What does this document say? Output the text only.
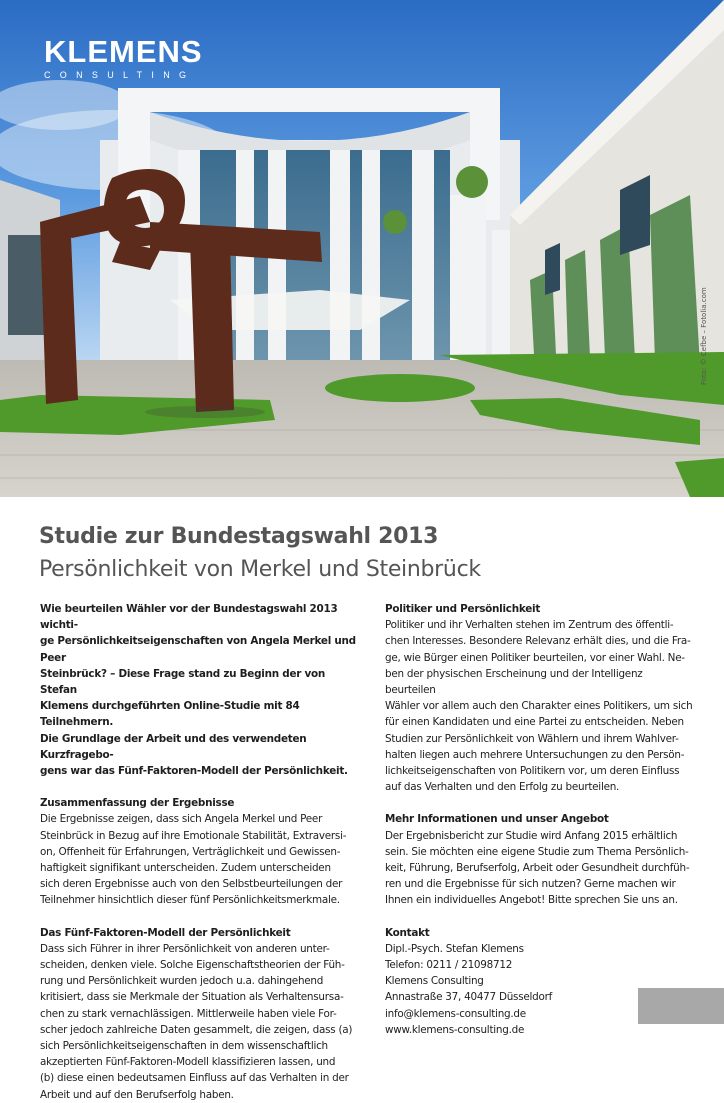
KLEMENS
CONSULTING
Foto: © Cefbe – Fotolia.com
Studie zur Bundestagswahl 2013
Persönlichkeit von Merkel und Steinbrück

Wie beurteilen Wähler vor der Bundestagswahl 2013 wichti-

ge Persönlichkeitseigenschaften von Angela Merkel und Peer

Steinbrück? – Diese Frage stand zu Beginn der von Stefan

Klemens durchgeführten Online-Studie mit 84 Teilnehmern.

Die Grundlage der Arbeit und des verwendeten Kurzfragebo-

gens war das Fünf-Faktoren-Modell der Persönlichkeit.

Zusammenfassung der Ergebnisse

Die Ergebnisse zeigen, dass sich Angela Merkel und Peer

Steinbrück in Bezug auf ihre Emotionale Stabilität, Extraversi-

on, Offenheit für Erfahrungen, Verträglichkeit und Gewissen-

haftigkeit signifikant unterscheiden. Zudem unterscheiden

sich deren Ergebnisse auch von den Selbstbeurteilungen der

Teilnehmer hinsichtlich dieser fünf Persönlichkeitsmerkmale.

Das Fünf-Faktoren-Modell der Persönlichkeit

Dass sich Führer in ihrer Persönlichkeit von anderen unter-

scheiden, denken viele. Solche Eigenschaftstheorien der Füh-

rung und Persönlichkeit wurden jedoch u.a. dahingehend

kritisiert, dass sie Merkmale der Situation als Verhaltensursa-

chen zu stark vernachlässigen. Mittlerweile haben viele For-

scher jedoch zahlreiche Daten gesammelt, die zeigen, dass (a)

sich Persönlichkeitseigenschaften in dem wissenschaftlich

akzeptierten Fünf-Faktoren-Modell klassifizieren lassen, und

(b) diese einen bedeutsamen Einfluss auf das Verhalten in der

Arbeit und auf den Berufserfolg haben.

Politiker und Persönlichkeit

Politiker und ihr Verhalten stehen im Zentrum des öffentli-

chen Interesses. Besondere Relevanz erhält dies, und die Fra-

ge, wie Bürger einen Politiker beurteilen, vor einer Wahl. Ne-

ben der physischen Erscheinung und der Intelligenz beurteilen

Wähler vor allem auch den Charakter eines Politikers, um sich

für einen Kandidaten und eine Partei zu entscheiden. Neben

Studien zur Persönlichkeit von Wählern und ihrem Wahlver-

halten liegen auch mehrere Untersuchungen zu den Persön-

lichkeitseigenschaften von Politikern vor, um deren Einfluss

auf das Verhalten und den Erfolg zu beurteilen.

Mehr Informationen und unser Angebot

Der Ergebnisbericht zur Studie wird Anfang 2015 erhältlich

sein. Sie möchten eine eigene Studie zum Thema Persönlich-

keit, Führung, Berufserfolg, Arbeit oder Gesundheit durchfüh-

ren und die Ergebnisse für sich nutzen? Gerne machen wir

Ihnen ein individuelles Angebot! Bitte sprechen Sie uns an.

Kontakt

Dipl.-Psych. Stefan Klemens

Telefon: 0211 / 21098712

Klemens Consulting

Annastraße 37, 40477 Düsseldorf

info@klemens-consulting.de

www.klemens-consulting.de
